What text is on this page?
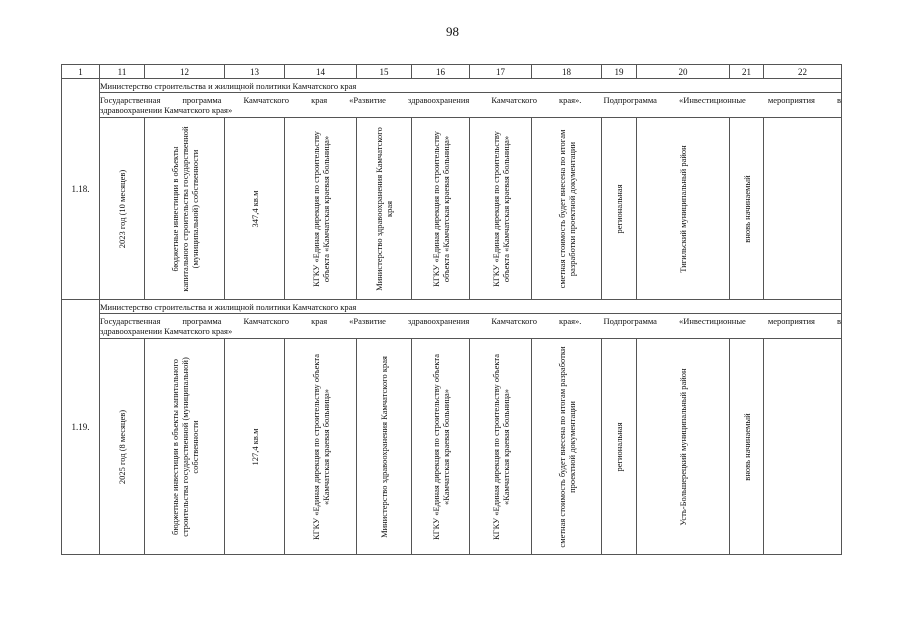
98
1	11	12	13	14	15	16	17	18	19	20	21	22
1.18.	Министерство строительства и жилищной политики Камчатского края											

	Государственная программа Камчатского края «Развитие здравоохранения Камчатского края». Подпрограмма «Инвестиционные мероприятия в
здравоохранении Камчатского края»											

	2023 год (10 месяцев)	бюджетные инвестиции в объекты капитального строительства государственной (муниципальной) собственности	347,4 кв.м	КГКУ «Единая дирекция по строительству объекта «Камчатская краевая больница»	Министерство здравоохранения Камчатского края	КГКУ «Единая дирекция по строительству объекта «Камчатская краевая больница»	КГКУ «Единая дирекция по строительству объекта «Камчатская краевая больница»	сметная стоимость будет внесена по итогам разработки проектной документации	региональная	Тигильский муниципальный район	вновь начинаемый	

1.19.	Министерство строительства и жилищной политики Камчатского края											

	Государственная программа Камчатского края «Развитие здравоохранения Камчатского края». Подпрограмма «Инвестиционные мероприятия в
здравоохранении Камчатского края»											

	2025 год (8 месяцев)	бюджетные инвестиции в объекты капитального строительства государственной (муниципальной) собственности	127,4 кв.м	КГКУ «Единая дирекция по строительству объекта «Камчатская краевая больница»	Министерство здравоохранения Камчатского края	КГКУ «Единая дирекция по строительству объекта «Камчатская краевая больница»	КГКУ «Единая дирекция по строительству объекта «Камчатская краевая больница»	сметная стоимость будет внесена по итогам разработки проектной документации	региональная	Усть-Большерецкий муниципальный район	вновь начинаемый	
